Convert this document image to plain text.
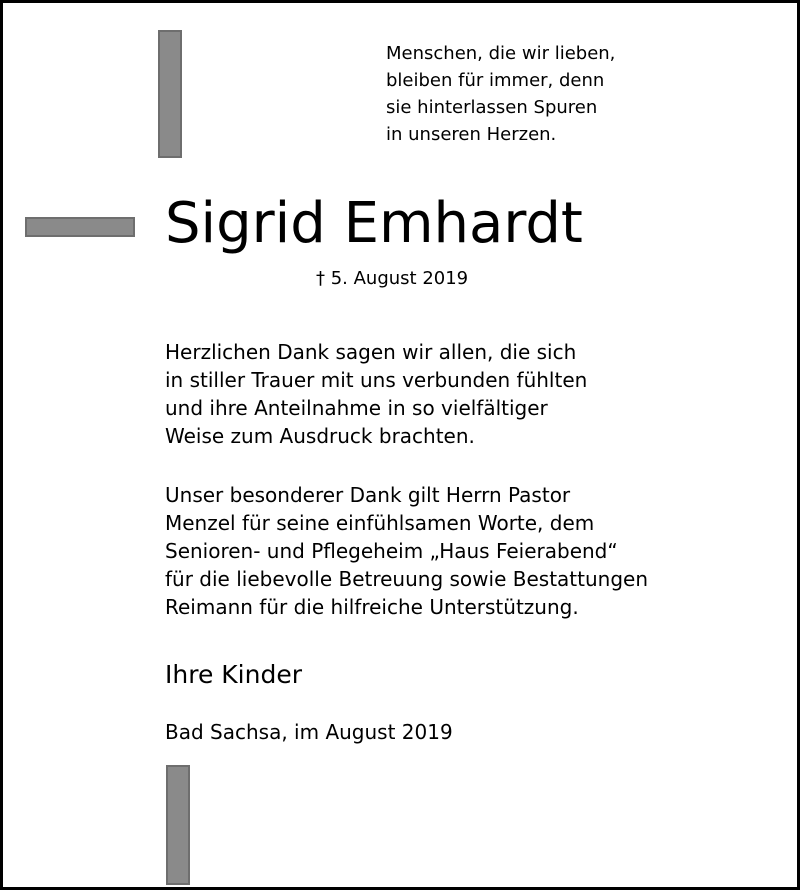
Menschen, die wir lieben,
bleiben für immer, denn
sie hinterlassen Spuren
in unseren Herzen.

Sigrid Emhardt

† 5. August 2019

Herzlichen Dank sagen wir allen, die sich
in stiller Trauer mit uns verbunden fühlten
und ihre Anteilnahme in so vielfältiger
Weise zum Ausdruck brachten.

Unser besonderer Dank gilt Herrn Pastor
Menzel für seine einfühlsamen Worte, dem
Senioren- und Pflegeheim „Haus Feierabend“
für die liebevolle Betreuung sowie Bestattungen
Reimann für die hilfreiche Unterstützung.

Ihre Kinder

Bad Sachsa, im August 2019
